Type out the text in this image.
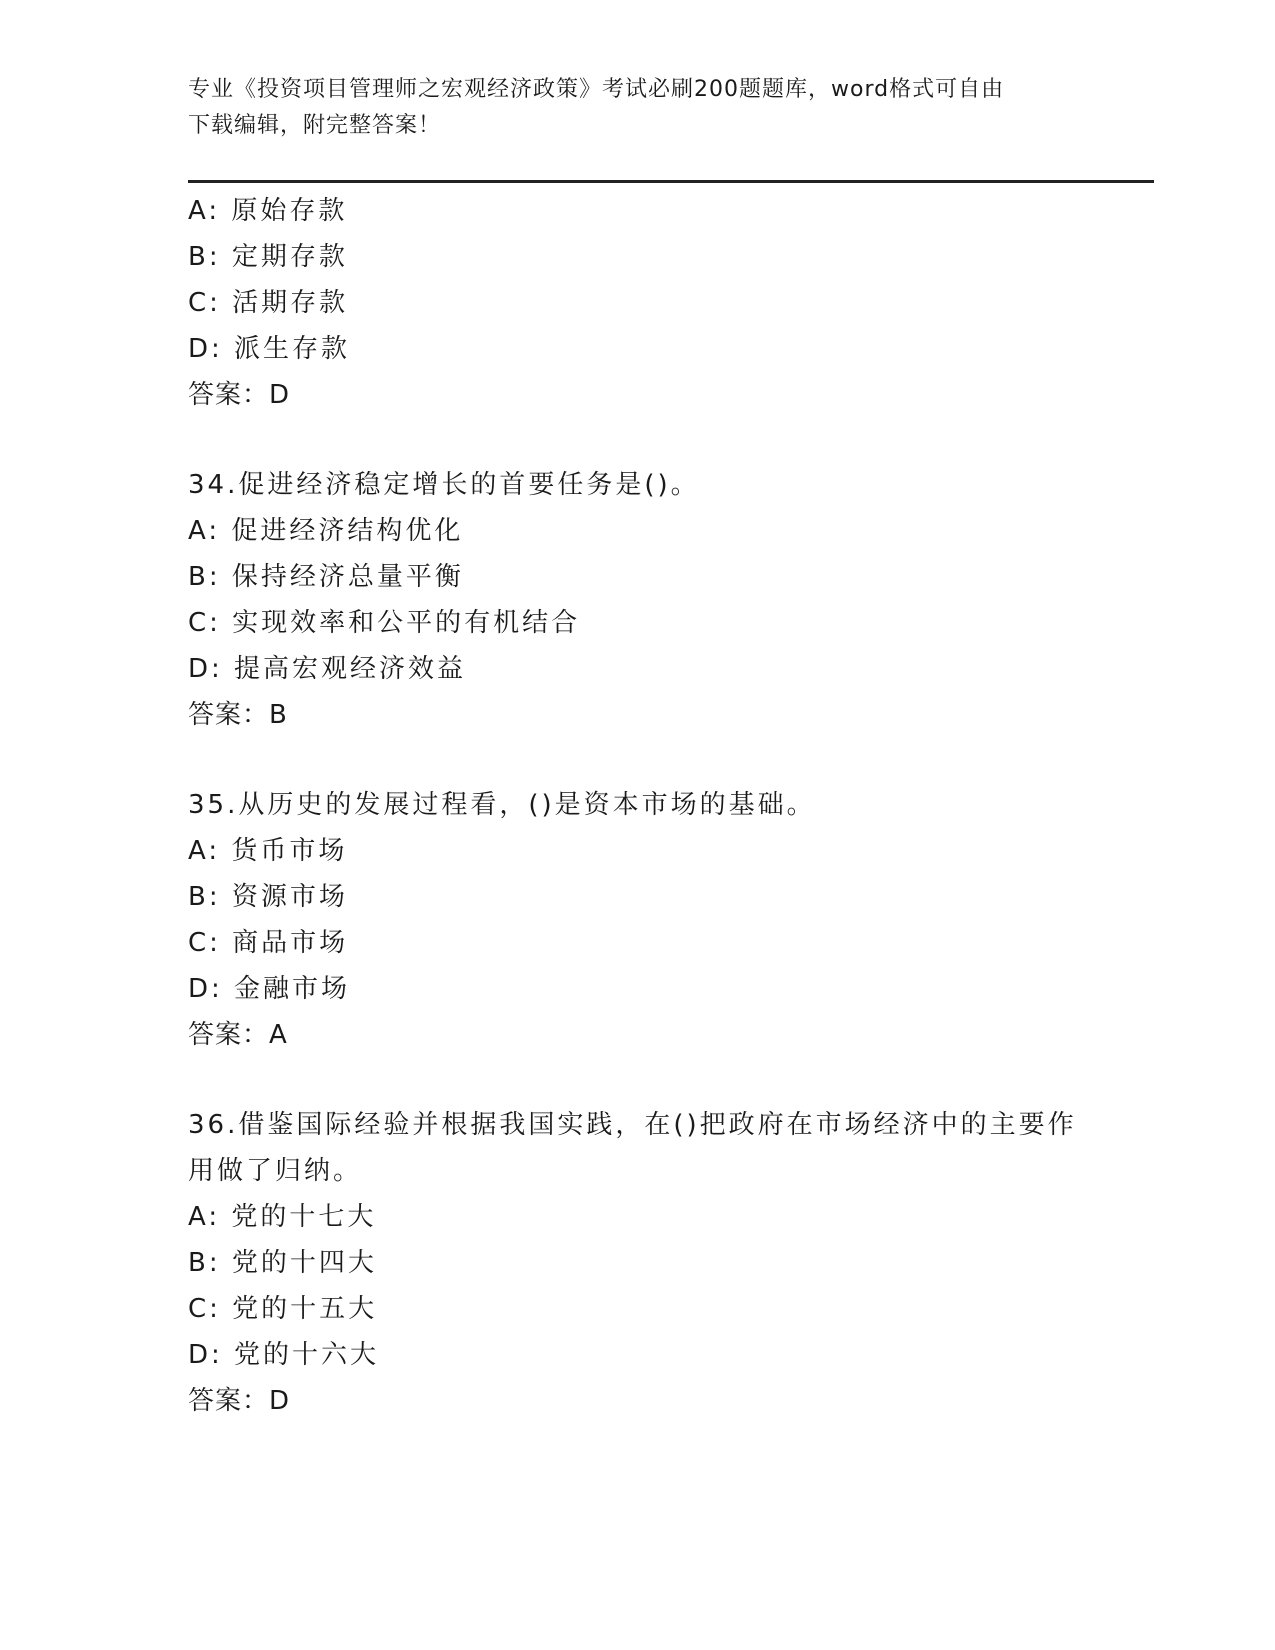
专业《投资项目管理师之宏观经济政策》考试必刷200题题库，word格式可自由
下载编辑，附完整答案！
A: 原始存款
B: 定期存款
C: 活期存款
D: 派生存款
答案：D
34.促进经济稳定增长的首要任务是()。
A: 促进经济结构优化
B: 保持经济总量平衡
C: 实现效率和公平的有机结合
D: 提高宏观经济效益
答案：B
35.从历史的发展过程看，()是资本市场的基础。
A: 货币市场
B: 资源市场
C: 商品市场
D: 金融市场
答案：A
36.借鉴国际经验并根据我国实践，在()把政府在市场经济中的主要作
用做了归纳。
A: 党的十七大
B: 党的十四大
C: 党的十五大
D: 党的十六大
答案：D
